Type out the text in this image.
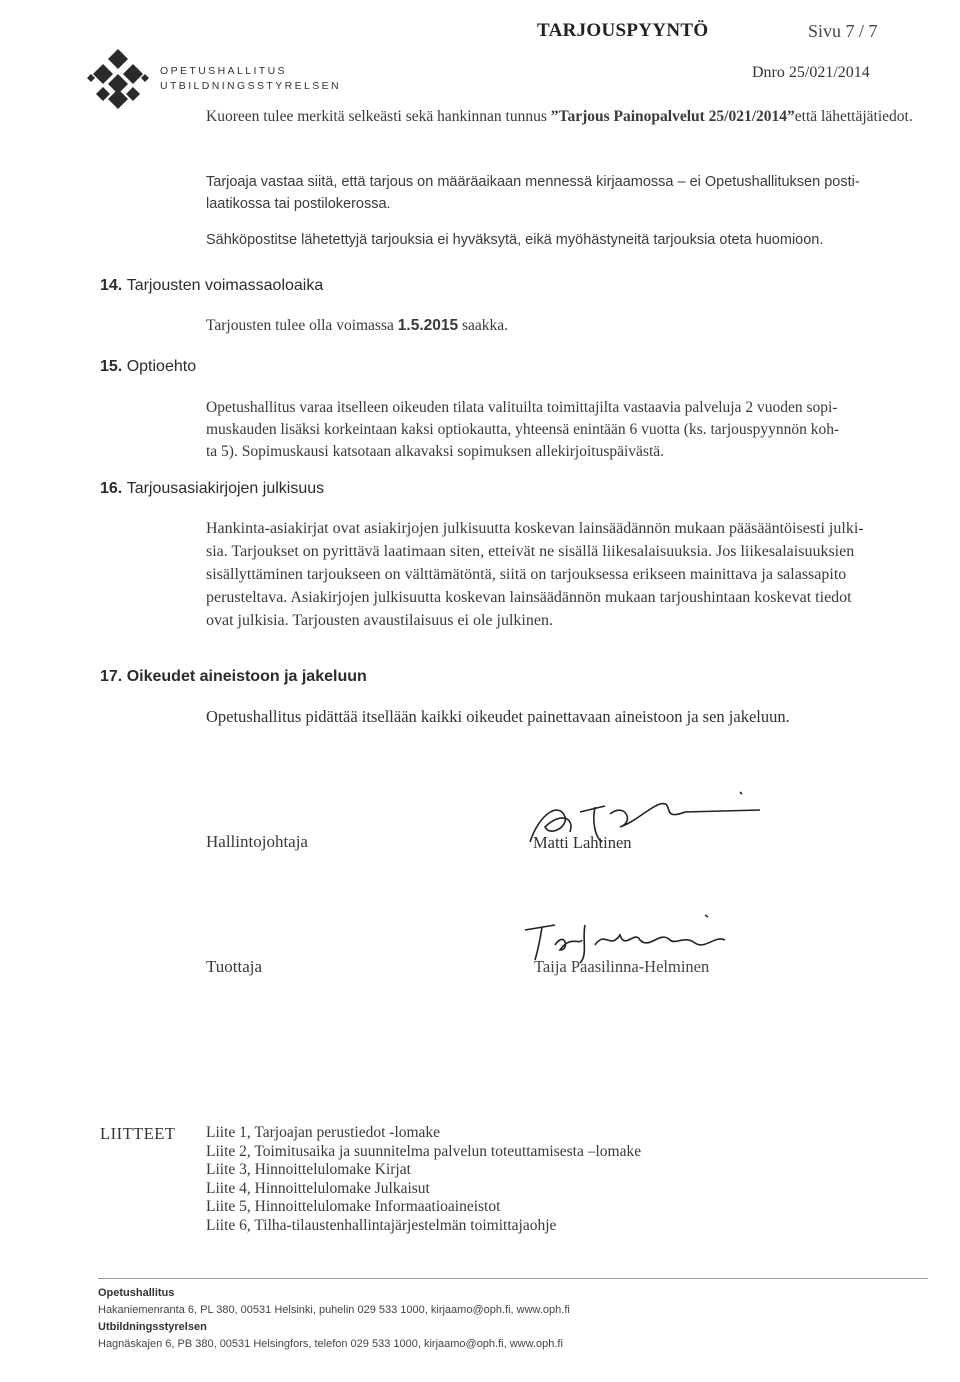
OPETUSHALLITUS
UTBILDNINGSSTYRELSEN
TARJOUSPYYNTÖ	Sivu 7 / 7
Dnro 25/021/2014
Kuoreen tulee merkitä selkeästi sekä hankinnan tunnus ”Tarjous Painopalvelut 25/021/2014”että lähettäjätiedot.
Tarjoaja vastaa siitä, että tarjous on määräaikaan mennessä kirjaamossa – ei Opetushallituksen posti-
laatikossa tai postilokerossa.
Sähköpostitse lähetettyjä tarjouksia ei hyväksytä, eikä myöhästyneitä tarjouksia oteta huomioon.
14. Tarjousten voimassaoloaika
Tarjousten tulee olla voimassa 1.5.2015 saakka.
15. Optioehto
Opetushallitus varaa itselleen oikeuden tilata valituilta toimittajilta vastaavia palveluja 2 vuoden sopi-
muskauden lisäksi korkeintaan kaksi optiokautta, yhteensä enintään 6 vuotta (ks. tarjouspyynnön koh-
ta 5). Sopimuskausi katsotaan alkavaksi sopimuksen allekirjoituspäivästä.
16. Tarjousasiakirjojen julkisuus
Hankinta-asiakirjat ovat asiakirjojen julkisuutta koskevan lainsäädännön mukaan pääsääntöisesti julki-
sia. Tarjoukset on pyrittävä laatimaan siten, etteivät ne sisällä liikesalaisuuksia. Jos liikesalaisuuksien
sisällyttäminen tarjoukseen on välttämätöntä, siitä on tarjouksessa erikseen mainittava ja salassapito
perusteltava. Asiakirjojen julkisuutta koskevan lainsäädännön mukaan tarjoushintaan koskevat tiedot
ovat julkisia. Tarjousten avaustilaisuus ei ole julkinen.
17. Oikeudet aineistoon ja jakeluun
Opetushallitus pidättää itsellään kaikki oikeudet painettavaan aineistoon ja sen jakeluun.
Hallintojohtaja	Matti Lahtinen
Tuottaja	Taija Paasilinna-Helminen
LIITTEET Liite 1, Tarjoajan perustiedot -lomake
Liite 2, Toimitusaika ja suunnitelma palvelun toteuttamisesta –lomake
Liite 3, Hinnoittelulomake Kirjat
Liite 4, Hinnoittelulomake Julkaisut
Liite 5, Hinnoittelulomake Informaatioaineistot
Liite 6, Tilha-tilaustenhallintajärjestelmän toimittajaohje
Opetushallitus
Hakaniemenranta 6, PL 380, 00531 Helsinki, puhelin 029 533 1000, kirjaamo@oph.fi, www.oph.fi
Utbildningsstyrelsen
Hagnäskajen 6, PB 380, 00531 Helsingfors, telefon 029 533 1000, kirjaamo@oph.fi, www.oph.fi
